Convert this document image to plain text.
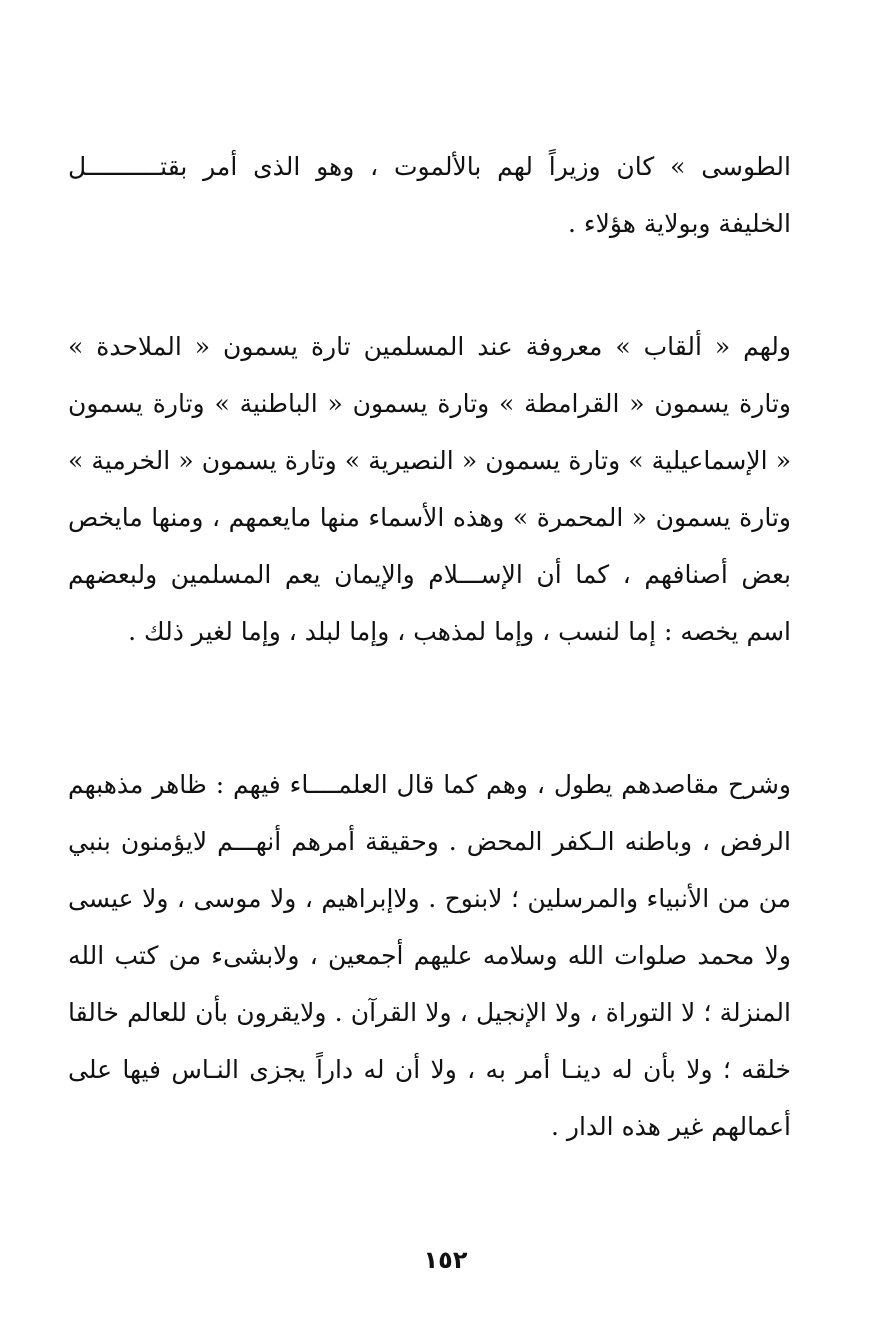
الطوسى » كان وزيراً لهم بالألموت ، وهو الذى أمر بقتــــــــــل الخليفة وبولاية هؤلاء .

ولهم « ألقاب » معروفة عند المسلمين تارة يسمون « الملاحدة » وتارة يسمون « القرامطة » وتارة يسمون « الباطنية » وتارة يسمون « الإسماعيلية » وتارة يسمون « النصيرية » وتارة يسمون « الخرمية » وتارة يسمون « المحمرة » وهذه الأسماء منها مايعمهم ، ومنها مايخص بعض أصنافهم ، كما أن الإســـلام والإيمان يعم المسلمين ولبعضهم اسم يخصه : إما لنسب ، وإما لمذهب ، وإما لبلد ، وإما لغير ذلك .

وشرح مقاصدهم يطول ، وهم كما قال العلمــــاء فيهم : ظاهر مذهبهم الرفض ، وباطنه الـكفر المحض . وحقيقة أمرهم أنهـــم لايؤمنون بنبي من من الأنبياء والمرسلين ؛ لابنوح . ولاإبراهيم ، ولا موسى ، ولا عيسى ولا محمد صلوات الله وسلامه عليهم أجمعين ، ولابشىء من كتب الله المنزلة ؛ لا التوراة ، ولا الإنجيل ، ولا القرآن . ولايقرون بأن للعالم خالقا خلقه ؛ ولا بأن له دينـا أمر به ، ولا أن له داراً يجزى النـاس فيها على أعمالهم غير هذه الدار .

١٥٢
